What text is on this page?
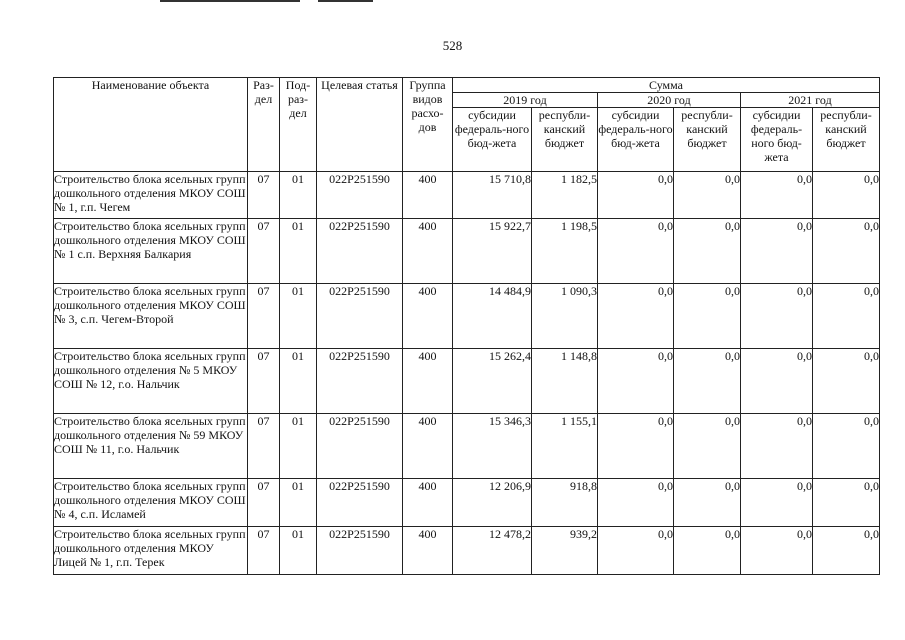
528
Наименование объекта	Раз-дел	Под-раз-дел	Целевая статья	Группа видов расхо-дов	Сумма					
					2019 год		2020 год		2021 год	
					субсидии федераль-ного бюд-жета	республи-канский бюджет	субсидии федераль-ного бюд-жета	республи-канский бюджет	субсидии федераль-ного бюд-жета	республи-канский бюджет
Строительство блока ясельных групп дошкольного отделения МКОУ СОШ № 1, г.п. Чегем	07	01	022P251590	400	15 710,8	1 182,5	0,0	0,0	0,0	0,0
Строительство блока ясельных групп дошкольного отделения МКОУ СОШ № 1 с.п. Верхняя Балкария	07	01	022P251590	400	15 922,7	1 198,5	0,0	0,0	0,0	0,0
Строительство блока ясельных групп дошкольного отделения МКОУ СОШ № 3, с.п. Чегем-Второй	07	01	022P251590	400	14 484,9	1 090,3	0,0	0,0	0,0	0,0
Строительство блока ясельных групп дошкольного отделения № 5 МКОУ СОШ № 12, г.о. Нальчик	07	01	022P251590	400	15 262,4	1 148,8	0,0	0,0	0,0	0,0
Строительство блока ясельных групп дошкольного отделения № 59 МКОУ СОШ № 11, г.о. Нальчик	07	01	022P251590	400	15 346,3	1 155,1	0,0	0,0	0,0	0,0
Строительство блока ясельных групп дошкольного отделения МКОУ СОШ № 4, с.п. Исламей	07	01	022P251590	400	12 206,9	918,8	0,0	0,0	0,0	0,0
Строительство блока ясельных групп дошкольного отделения МКОУ Лицей № 1, г.п. Терек	07	01	022P251590	400	12 478,2	939,2	0,0	0,0	0,0	0,0
